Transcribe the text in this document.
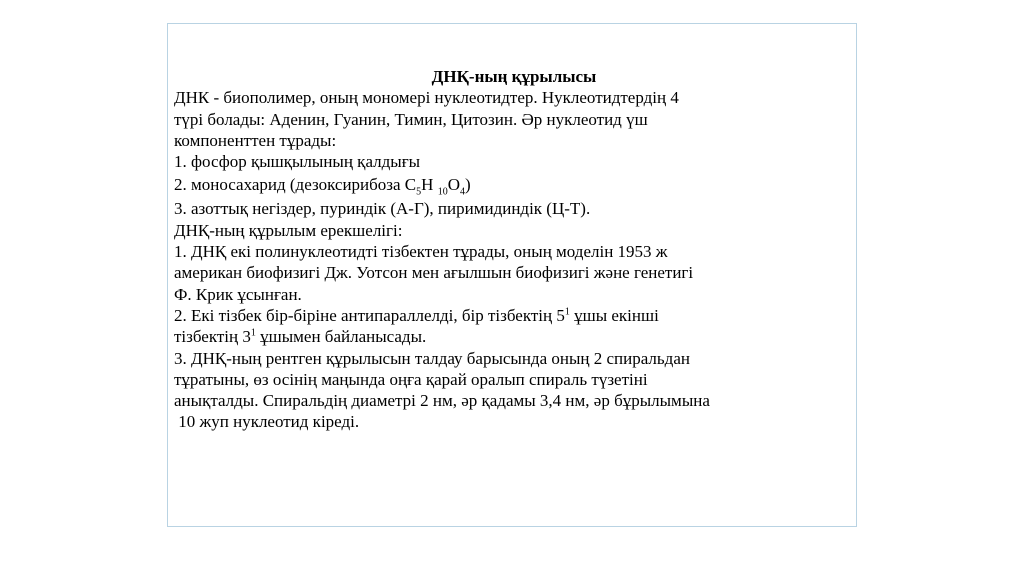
ДНҚ-ның құрылысы

ДНК - биополимер, оның мономері нуклеотидтер. Нуклеотидтердің 4

түрі болады: Аденин, Гуанин, Тимин, Цитозин. Әр нуклеотид үш

компоненттен тұрады:

1. фосфор қышқылының қалдығы

2. моносахарид (дезоксирибоза $С_5Н$ $_{10}О_4$)

3. азоттық негіздер, пуриндік (А-Г), пиримидиндік (Ц-Т).

ДНҚ-ның құрылым ерекшелігі:

1. ДНҚ екі полинуклеотидті тізбектен тұрады, оның моделін 1953 ж

американ биофизигі Дж. Уотсон мен ағылшын биофизигі және генетигі

Ф. Крик ұсынған.

2. Екі тізбек бір-біріне антипараллелді, бір тізбектің $5^1$ ұшы екінші

тізбектің $3^1$ ұшымен байланысады.

3. ДНҚ-ның рентген құрылысын талдау барысында оның 2 спиральдан

тұратыны, өз осінің маңында оңға қарай оралып спираль түзетіні

анықталды. Спиральдің диаметрі 2 нм, әр қадамы 3,4 нм, әр бұрылымына

10 жуп нуклеотид кіреді.
